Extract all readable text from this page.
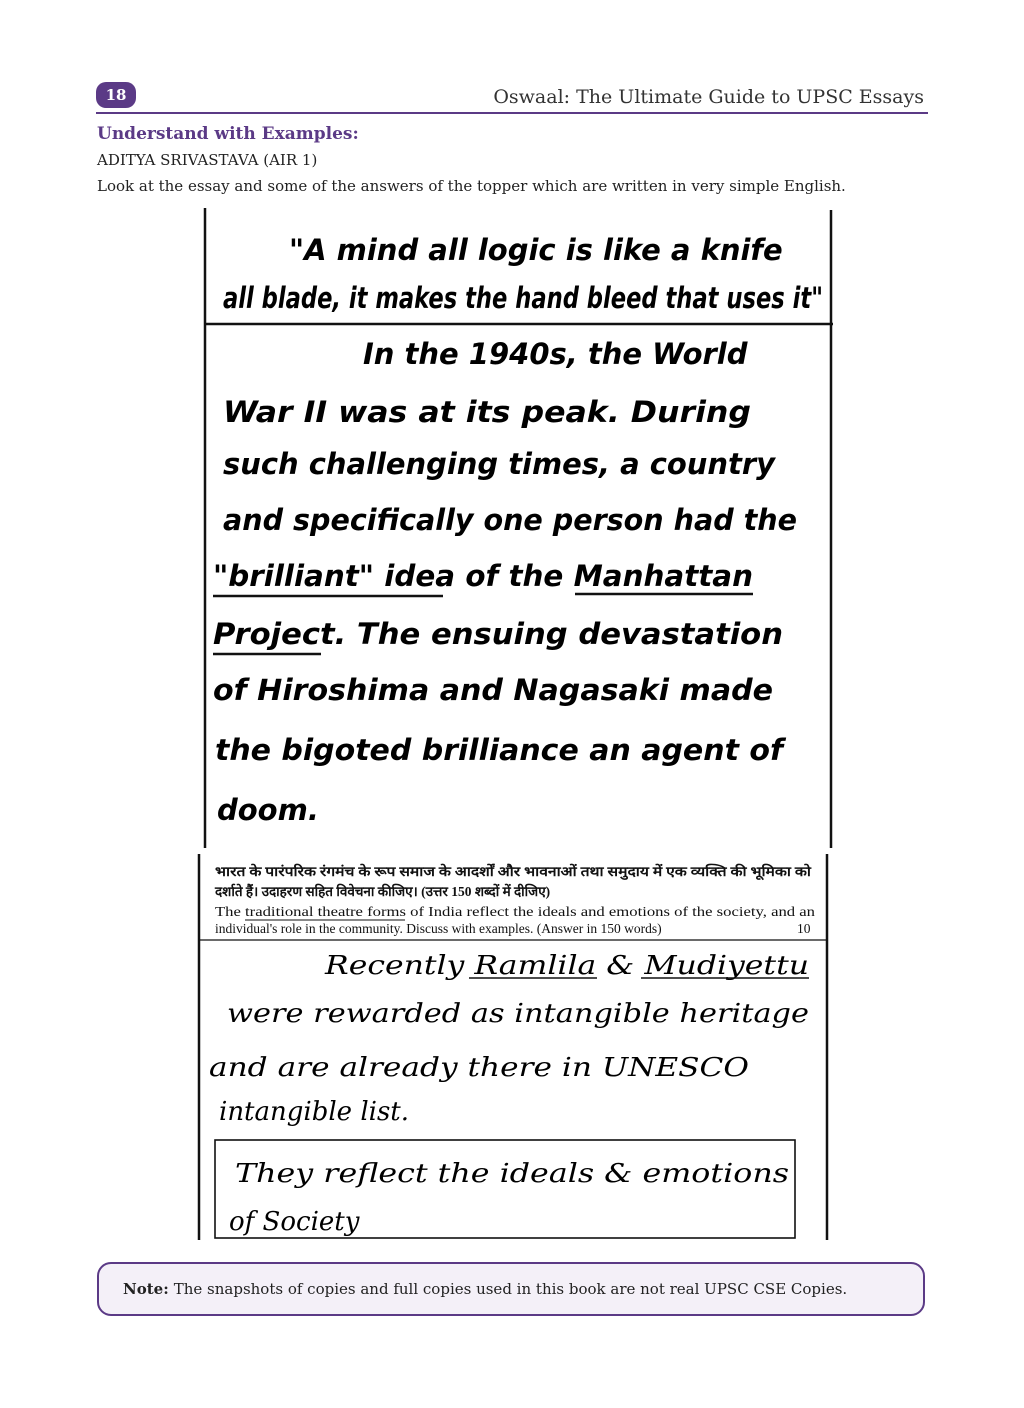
18	Oswaal: The Ultimate Guide to UPSC Essays
Understand with Examples:
ADITYA SRIVASTAVA (AIR 1)
Look at the essay and some of the answers of the topper which are written in very simple English.
"A mind all logic is like a knife
all blade, it makes the hand bleed that uses it"
In the 1940s, the World
War II was at its peak. During
such challenging times, a country
and specifically one person had the
"brilliant" idea of the Manhattan
Project. The ensuing devastation
of Hiroshima and Nagasaki made
the bigoted brilliance an agent of
doom.
भारत के पारंपरिक रंगमंच के रूप समाज के आदर्शों और भावनाओं तथा समुदाय में एक व्यक्ति की भूमिका को
दर्शाते हैं। उदाहरण सहित विवेचना कीजिए। (उत्तर 150 शब्दों में दीजिए)
The traditional theatre forms of India reflect the ideals and emotions of the society, and an
individual's role in the community. Discuss with examples. (Answer in 150 words)	10
Recently Ramlila & Mudiyettu
were rewarded as intangible heritage
and are already there in UNESCO
intangible list.
They reflect the ideals & emotions
of Society
Note: The snapshots of copies and full copies used in this book are not real UPSC CSE Copies.
